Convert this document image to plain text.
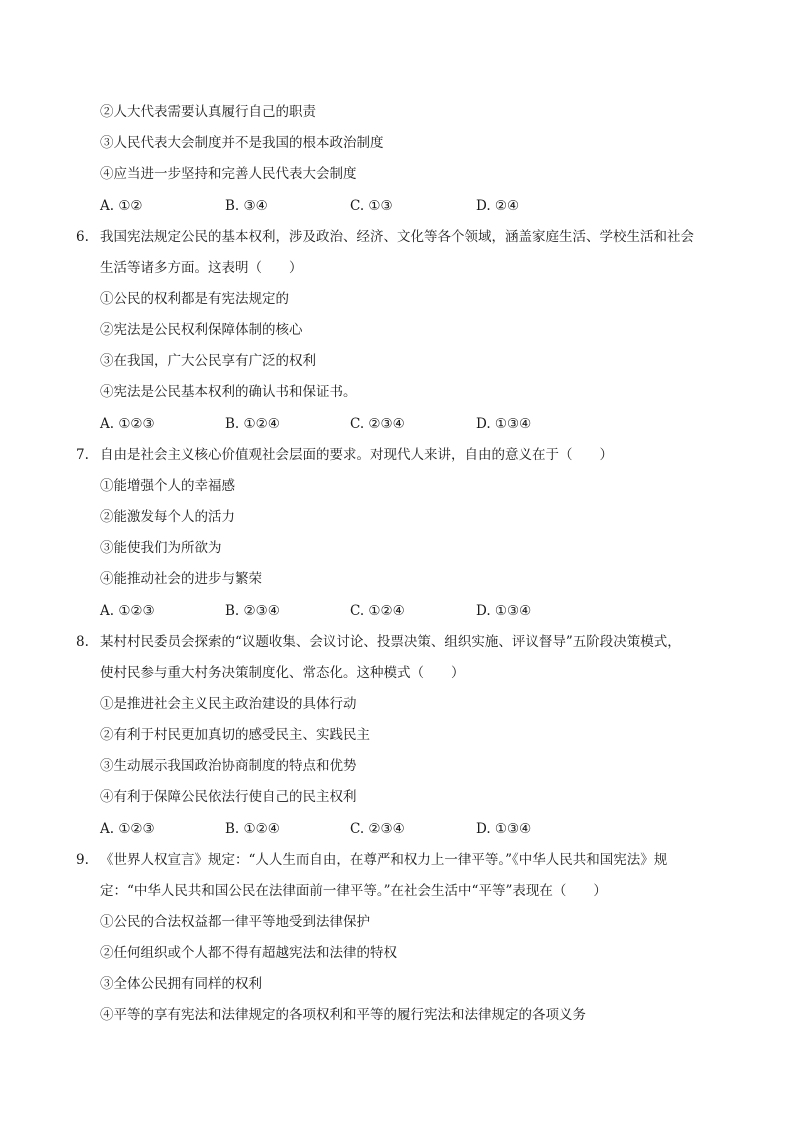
②人大代表需要认真履行自己的职责
③人民代表大会制度并不是我国的根本政治制度
④应当进一步坚持和完善人民代表大会制度
A. ①②	B. ③④	C. ①③	D. ②④
6. 我国宪法规定公民的基本权利，涉及政治、经济、文化等各个领域，涵盖家庭生活、学校生活和社会
生活等诸多方面。这表明（　　）
①公民的权利都是有宪法规定的
②宪法是公民权利保障体制的核心
③在我国，广大公民享有广泛的权利
④宪法是公民基本权利的确认书和保证书。
A. ①②③	B. ①②④	C. ②③④	D. ①③④
7. 自由是社会主义核心价值观社会层面的要求。对现代人来讲，自由的意义在于（　　）
①能增强个人的幸福感
②能激发每个人的活力
③能使我们为所欲为
④能推动社会的进步与繁荣
A. ①②③	B. ②③④	C. ①②④	D. ①③④
8. 某村村民委员会探索的“议题收集、会议讨论、投票决策、组织实施、评议督导”五阶段决策模式，
使村民参与重大村务决策制度化、常态化。这种模式（　　）
①是推进社会主义民主政治建设的具体行动
②有利于村民更加真切的感受民主、实践民主
③生动展示我国政治协商制度的特点和优势
④有利于保障公民依法行使自己的民主权利
A. ①②③	B. ①②④	C. ②③④	D. ①③④
9. 《世界人权宣言》规定：“人人生而自由，在尊严和权力上一律平等。”《中华人民共和国宪法》规
定：“中华人民共和国公民在法律面前一律平等。”在社会生活中“平等”表现在（　　）
①公民的合法权益都一律平等地受到法律保护
②任何组织或个人都不得有超越宪法和法律的特权
③全体公民拥有同样的权利
④平等的享有宪法和法律规定的各项权利和平等的履行宪法和法律规定的各项义务
